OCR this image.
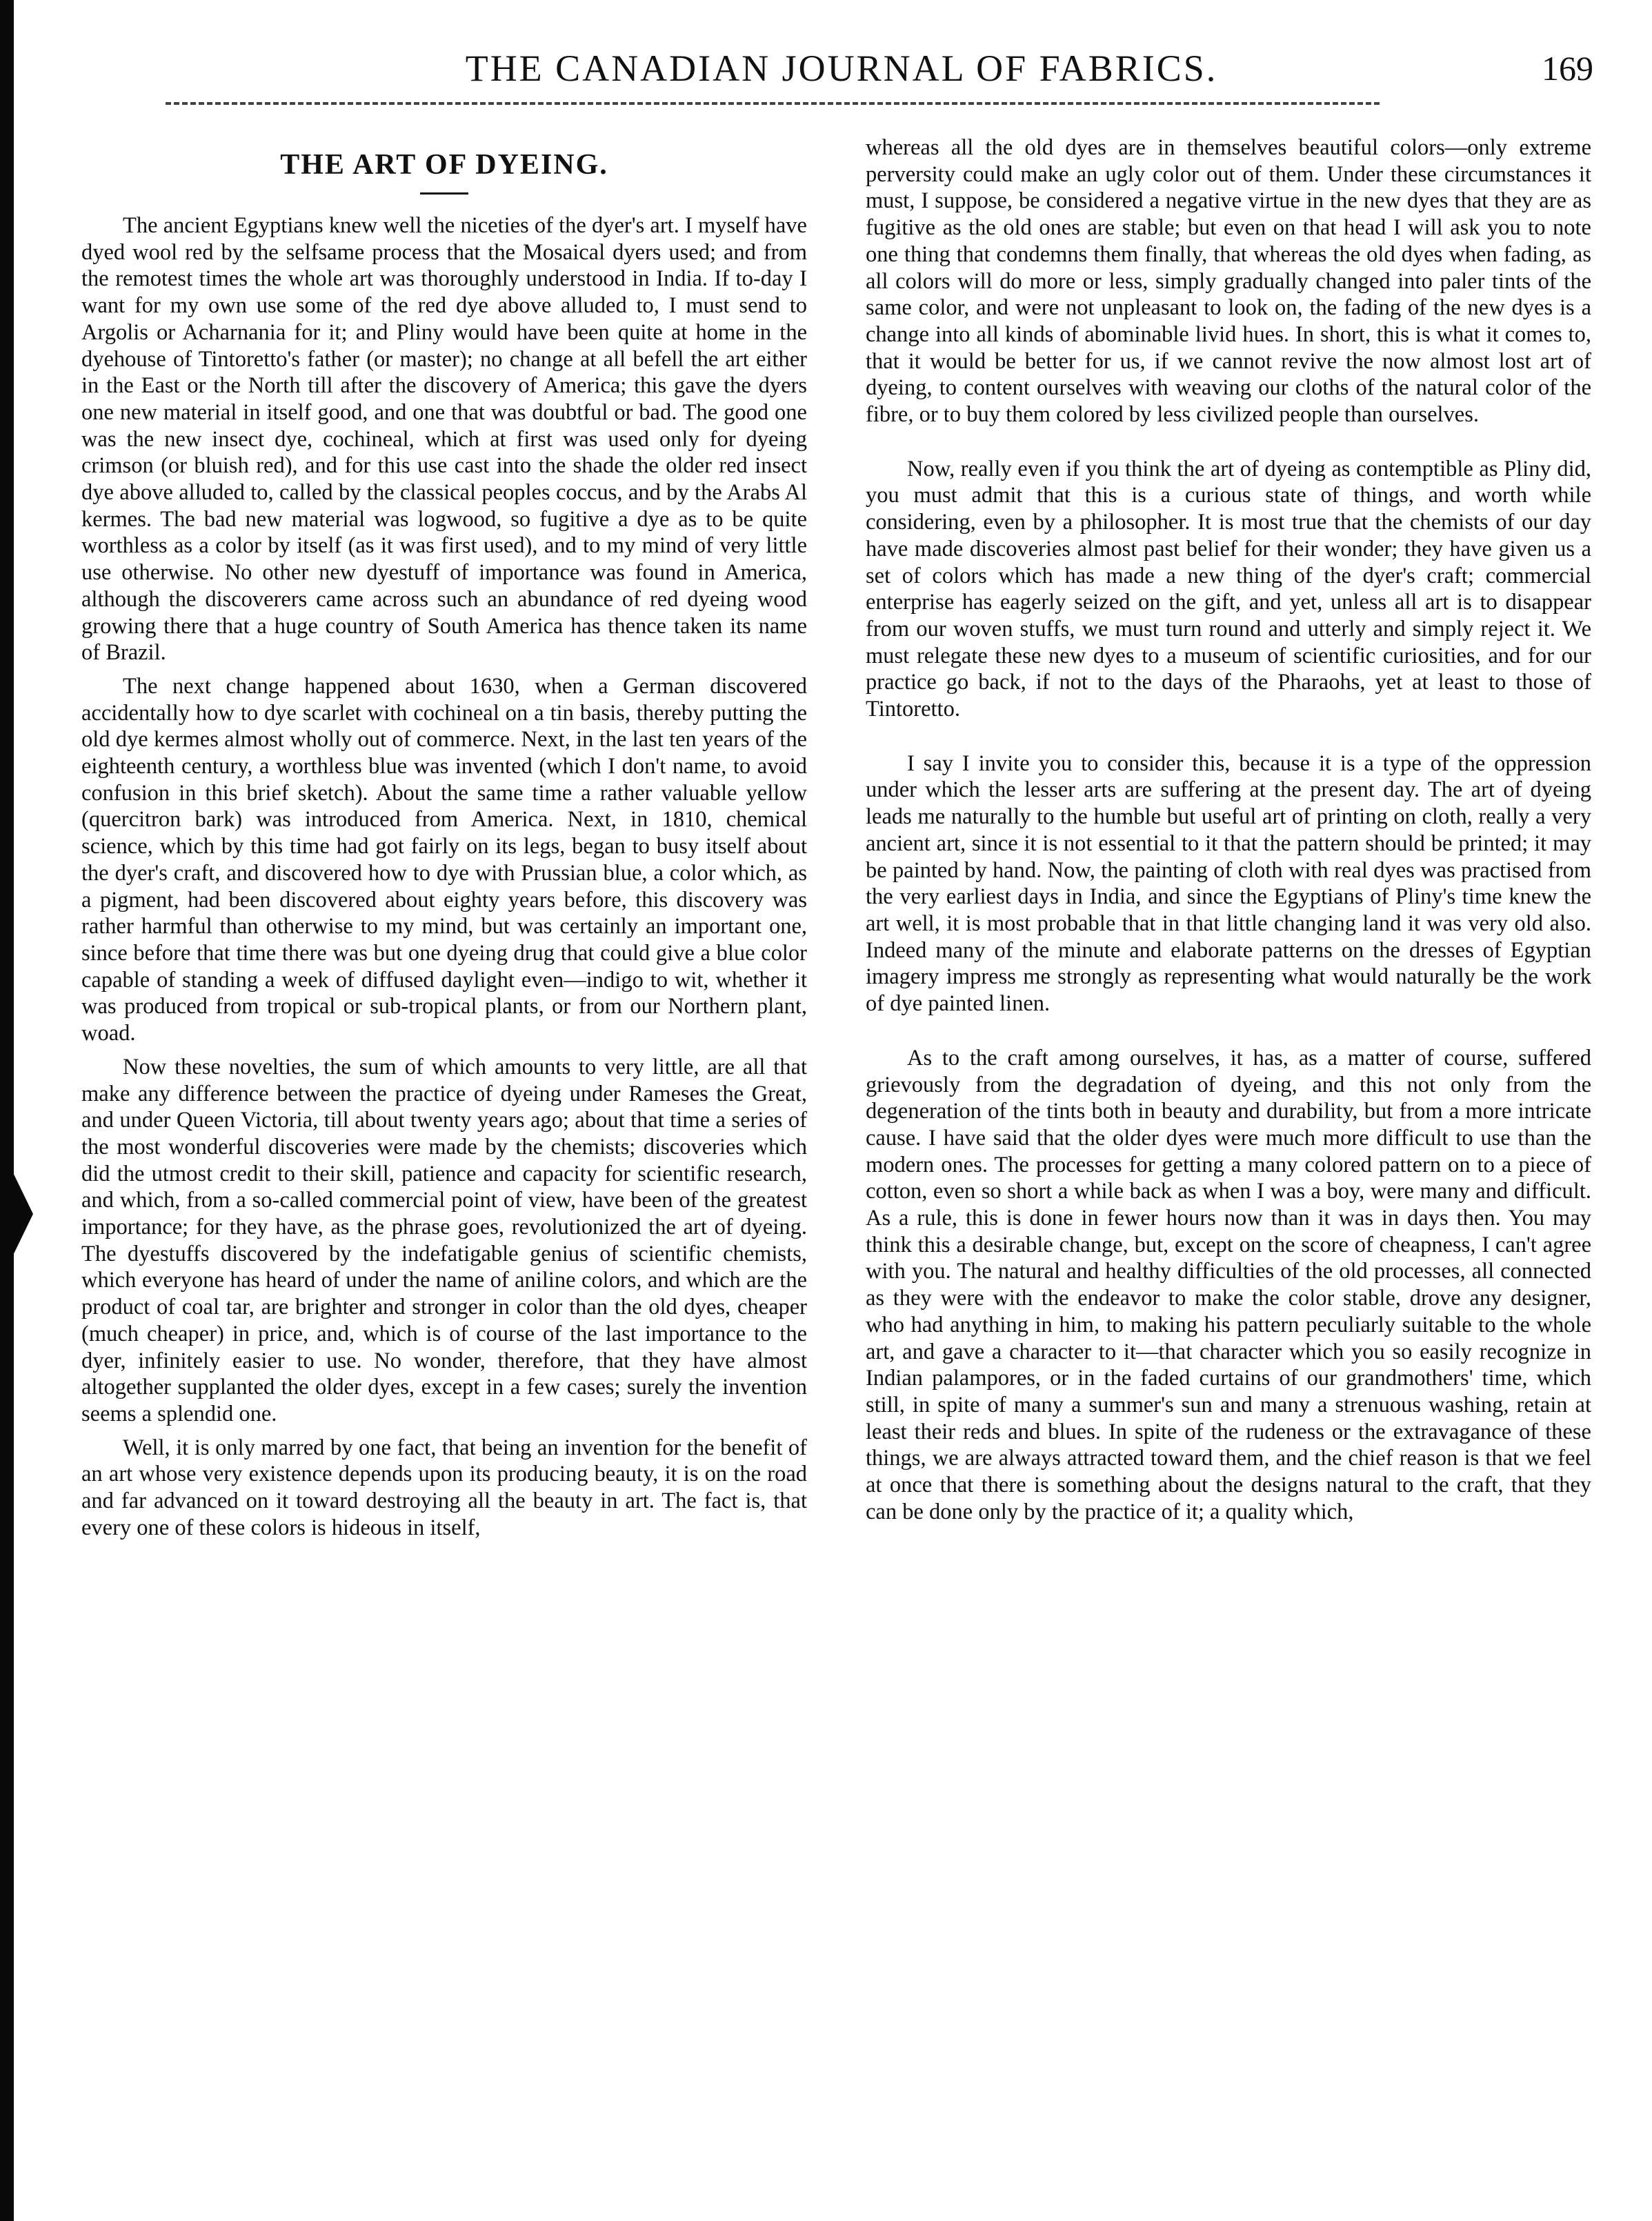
THE CANADIAN JOURNAL OF FABRICS.	169
THE ART OF DYEING.

The ancient Egyptians knew well the niceties of the dyer's art. I myself have dyed wool red by the selfsame process that the Mosaical dyers used; and from the remotest times the whole art was thoroughly understood in India. If to-day I want for my own use some of the red dye above alluded to, I must send to Argolis or Acharnania for it; and Pliny would have been quite at home in the dyehouse of Tintoretto's father (or master); no change at all befell the art either in the East or the North till after the discovery of America; this gave the dyers one new material in itself good, and one that was doubtful or bad. The good one was the new insect dye, cochineal, which at first was used only for dyeing crimson (or bluish red), and for this use cast into the shade the older red insect dye above alluded to, called by the classical peoples coccus, and by the Arabs Al kermes. The bad new material was logwood, so fugitive a dye as to be quite worthless as a color by itself (as it was first used), and to my mind of very little use otherwise. No other new dyestuff of importance was found in America, although the discoverers came across such an abundance of red dyeing wood growing there that a huge country of South America has thence taken its name of Brazil.

The next change happened about 1630, when a German discovered accidentally how to dye scarlet with cochineal on a tin basis, thereby putting the old dye kermes almost wholly out of commerce. Next, in the last ten years of the eighteenth century, a worthless blue was invented (which I don't name, to avoid confusion in this brief sketch). About the same time a rather valuable yellow (quercitron bark) was introduced from America. Next, in 1810, chemical science, which by this time had got fairly on its legs, began to busy itself about the dyer's craft, and discovered how to dye with Prussian blue, a color which, as a pigment, had been discovered about eighty years before, this discovery was rather harmful than otherwise to my mind, but was certainly an important one, since before that time there was but one dyeing drug that could give a blue color capable of standing a week of diffused daylight even—indigo to wit, whether it was produced from tropical or sub-tropical plants, or from our Northern plant, woad.

Now these novelties, the sum of which amounts to very little, are all that make any difference between the practice of dyeing under Rameses the Great, and under Queen Victoria, till about twenty years ago; about that time a series of the most wonderful discoveries were made by the chemists; discoveries which did the utmost credit to their skill, patience and capacity for scientific research, and which, from a so-called commercial point of view, have been of the greatest importance; for they have, as the phrase goes, revolutionized the art of dyeing. The dyestuffs discovered by the indefatigable genius of scientific chemists, which everyone has heard of under the name of aniline colors, and which are the product of coal tar, are brighter and stronger in color than the old dyes, cheaper (much cheaper) in price, and, which is of course of the last importance to the dyer, infinitely easier to use. No wonder, therefore, that they have almost altogether supplanted the older dyes, except in a few cases; surely the invention seems a splendid one.

Well, it is only marred by one fact, that being an invention for the benefit of an art whose very existence depends upon its producing beauty, it is on the road and far advanced on it toward destroying all the beauty in art. The fact is, that every one of these colors is hideous in itself,

whereas all the old dyes are in themselves beautiful colors—only extreme perversity could make an ugly color out of them. Under these circumstances it must, I suppose, be considered a negative virtue in the new dyes that they are as fugitive as the old ones are stable; but even on that head I will ask you to note one thing that condemns them finally, that whereas the old dyes when fading, as all colors will do more or less, simply gradually changed into paler tints of the same color, and were not unpleasant to look on, the fading of the new dyes is a change into all kinds of abominable livid hues. In short, this is what it comes to, that it would be better for us, if we cannot revive the now almost lost art of dyeing, to content ourselves with weaving our cloths of the natural color of the fibre, or to buy them colored by less civilized people than ourselves.

Now, really even if you think the art of dyeing as contemptible as Pliny did, you must admit that this is a curious state of things, and worth while considering, even by a philosopher. It is most true that the chemists of our day have made discoveries almost past belief for their wonder; they have given us a set of colors which has made a new thing of the dyer's craft; commercial enterprise has eagerly seized on the gift, and yet, unless all art is to disappear from our woven stuffs, we must turn round and utterly and simply reject it. We must relegate these new dyes to a museum of scientific curiosities, and for our practice go back, if not to the days of the Pharaohs, yet at least to those of Tintoretto.

I say I invite you to consider this, because it is a type of the oppression under which the lesser arts are suffering at the present day. The art of dyeing leads me naturally to the humble but useful art of printing on cloth, really a very ancient art, since it is not essential to it that the pattern should be printed; it may be painted by hand. Now, the painting of cloth with real dyes was practised from the very earliest days in India, and since the Egyptians of Pliny's time knew the art well, it is most probable that in that little changing land it was very old also. Indeed many of the minute and elaborate patterns on the dresses of Egyptian imagery impress me strongly as representing what would naturally be the work of dye painted linen.

As to the craft among ourselves, it has, as a matter of course, suffered grievously from the degradation of dyeing, and this not only from the degeneration of the tints both in beauty and durability, but from a more intricate cause. I have said that the older dyes were much more difficult to use than the modern ones. The processes for getting a many colored pattern on to a piece of cotton, even so short a while back as when I was a boy, were many and difficult. As a rule, this is done in fewer hours now than it was in days then. You may think this a desirable change, but, except on the score of cheapness, I can't agree with you. The natural and healthy difficulties of the old processes, all connected as they were with the endeavor to make the color stable, drove any designer, who had anything in him, to making his pattern peculiarly suitable to the whole art, and gave a character to it—that character which you so easily recognize in Indian palampores, or in the faded curtains of our grandmothers' time, which still, in spite of many a summer's sun and many a strenuous washing, retain at least their reds and blues. In spite of the rudeness or the extravagance of these things, we are always attracted toward them, and the chief reason is that we feel at once that there is something about the designs natural to the craft, that they can be done only by the practice of it; a quality which,
